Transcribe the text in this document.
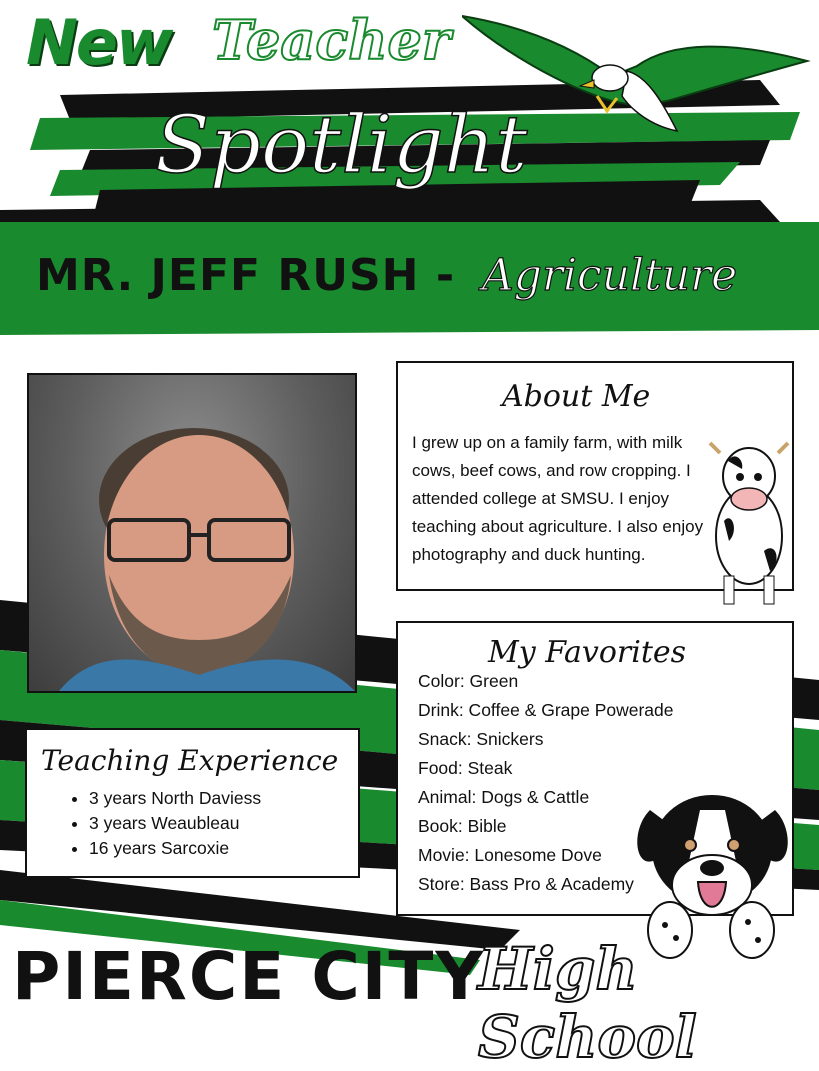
New Teacher
Spotlight
MR. JEFF RUSH - Agriculture
About Me
I grew up on a family farm, with milk cows, beef cows, and row cropping. I attended college at SMSU. I enjoy teaching about agriculture. I also enjoy photography and duck hunting.
My Favorites
Color: Green
Drink: Coffee & Grape Powerade
Snack: Snickers
Food: Steak
Animal: Dogs & Cattle
Book: Bible
Movie: Lonesome Dove
Store: Bass Pro & Academy
Teaching Experience
• 3 years North Daviess
• 3 years Weaubleau
• 16 years Sarcoxie
PIERCE CITY
High School
